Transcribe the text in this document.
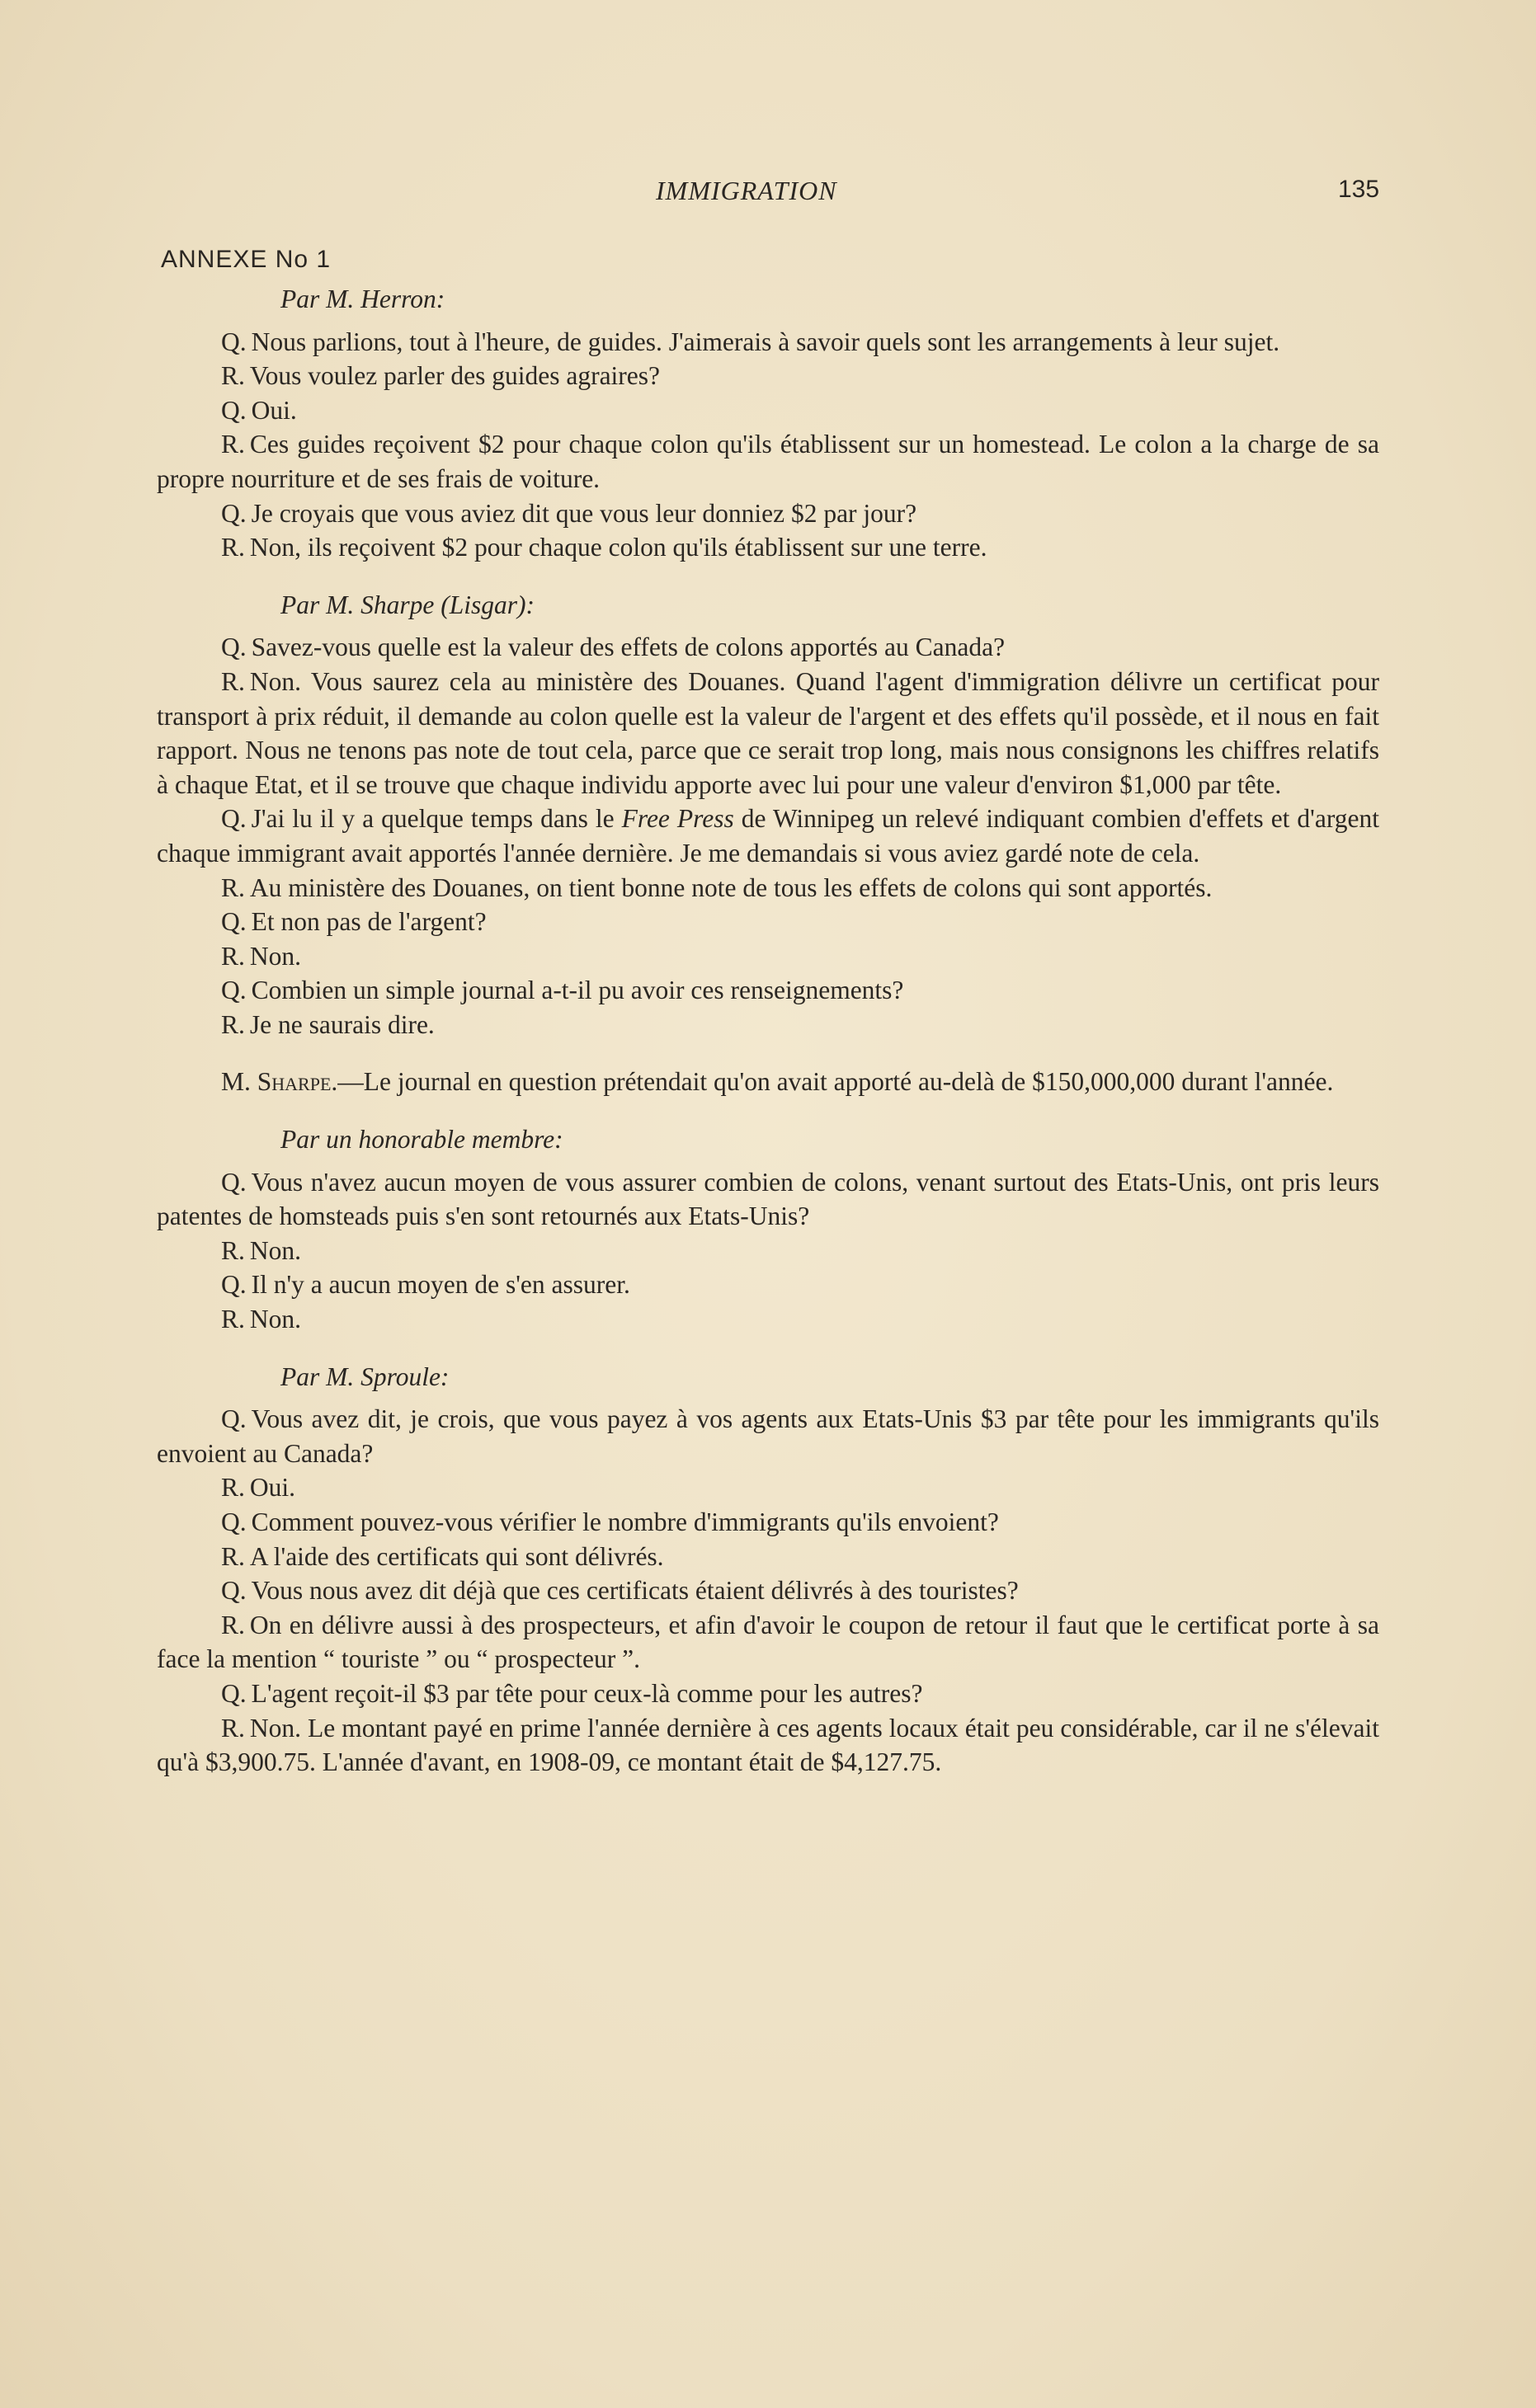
IMMIGRATION	135
ANNEXE No 1

Par M. Herron:

Q. Nous parlions, tout à l'heure, de guides. J'aimerais à savoir quels sont les arrangements à leur sujet.

R. Vous voulez parler des guides agraires?

Q. Oui.

R. Ces guides reçoivent $2 pour chaque colon qu'ils établissent sur un homestead. Le colon a la charge de sa propre nourriture et de ses frais de voiture.

Q. Je croyais que vous aviez dit que vous leur donniez $2 par jour?

R. Non, ils reçoivent $2 pour chaque colon qu'ils établissent sur une terre.

Par M. Sharpe (Lisgar):

Q. Savez-vous quelle est la valeur des effets de colons apportés au Canada?

R. Non. Vous saurez cela au ministère des Douanes. Quand l'agent d'immigration délivre un certificat pour transport à prix réduit, il demande au colon quelle est la valeur de l'argent et des effets qu'il possède, et il nous en fait rapport. Nous ne tenons pas note de tout cela, parce que ce serait trop long, mais nous consignons les chiffres relatifs à chaque Etat, et il se trouve que chaque individu apporte avec lui pour une valeur d'environ $1,000 par tête.

Q. J'ai lu il y a quelque temps dans le Free Press de Winnipeg un relevé indiquant combien d'effets et d'argent chaque immigrant avait apportés l'année dernière. Je me demandais si vous aviez gardé note de cela.

R. Au ministère des Douanes, on tient bonne note de tous les effets de colons qui sont apportés.

Q. Et non pas de l'argent?

R. Non.

Q. Combien un simple journal a-t-il pu avoir ces renseignements?

R. Je ne saurais dire.

M. Sharpe.—Le journal en question prétendait qu'on avait apporté au-delà de $150,000,000 durant l'année.

Par un honorable membre:

Q. Vous n'avez aucun moyen de vous assurer combien de colons, venant surtout des Etats-Unis, ont pris leurs patentes de homsteads puis s'en sont retournés aux Etats-Unis?

R. Non.

Q. Il n'y a aucun moyen de s'en assurer.

R. Non.

Par M. Sproule:

Q. Vous avez dit, je crois, que vous payez à vos agents aux Etats-Unis $3 par tête pour les immigrants qu'ils envoient au Canada?

R. Oui.

Q. Comment pouvez-vous vérifier le nombre d'immigrants qu'ils envoient?

R. A l'aide des certificats qui sont délivrés.

Q. Vous nous avez dit déjà que ces certificats étaient délivrés à des touristes?

R. On en délivre aussi à des prospecteurs, et afin d'avoir le coupon de retour il faut que le certificat porte à sa face la mention “ touriste ” ou “ prospecteur ”.

Q. L'agent reçoit-il $3 par tête pour ceux-là comme pour les autres?

R. Non. Le montant payé en prime l'année dernière à ces agents locaux était peu considérable, car il ne s'élevait qu'à $3,900.75. L'année d'avant, en 1908-09, ce montant était de $4,127.75.
